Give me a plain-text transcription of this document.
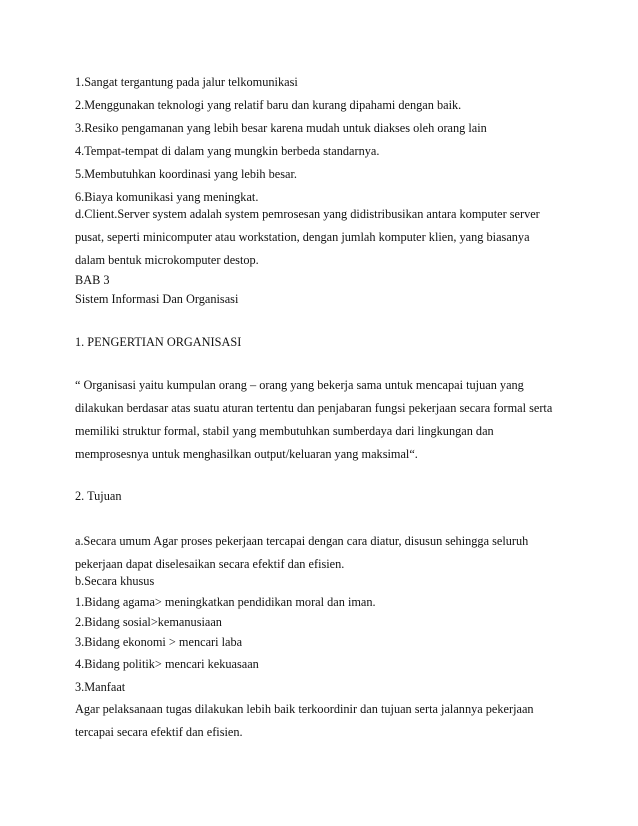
1.Sangat tergantung pada jalur telkomunikasi
2.Menggunakan teknologi yang relatif baru dan kurang dipahami dengan baik.
3.Resiko pengamanan yang lebih besar karena mudah untuk diakses oleh orang lain
4.Tempat-tempat di dalam yang mungkin berbeda standarnya.
5.Membutuhkan koordinasi yang lebih besar.
6.Biaya komunikasi yang meningkat.
d.Client.Server system adalah system pemrosesan yang didistribusikan antara komputer server
pusat, seperti minicomputer atau workstation, dengan jumlah komputer klien, yang biasanya
dalam bentuk microkomputer destop.
BAB 3
Sistem Informasi Dan Organisasi
1. PENGERTIAN ORGANISASI
“ Organisasi yaitu kumpulan orang – orang yang bekerja sama untuk mencapai tujuan yang
dilakukan berdasar atas suatu aturan tertentu dan penjabaran fungsi pekerjaan secara formal serta
memiliki struktur formal, stabil yang membutuhkan sumberdaya dari lingkungan dan
memprosesnya untuk menghasilkan output/keluaran yang maksimal“.
2. Tujuan
a.Secara umum Agar proses pekerjaan tercapai dengan cara diatur, disusun sehingga seluruh
pekerjaan dapat diselesaikan secara efektif dan efisien.
b.Secara khusus
1.Bidang agama> meningkatkan pendidikan moral dan iman.
2.Bidang sosial>kemanusiaan
3.Bidang ekonomi > mencari laba
4.Bidang politik> mencari kekuasaan
3.Manfaat
Agar pelaksanaan tugas dilakukan lebih baik terkoordinir dan tujuan serta jalannya pekerjaan
tercapai secara efektif dan efisien.
